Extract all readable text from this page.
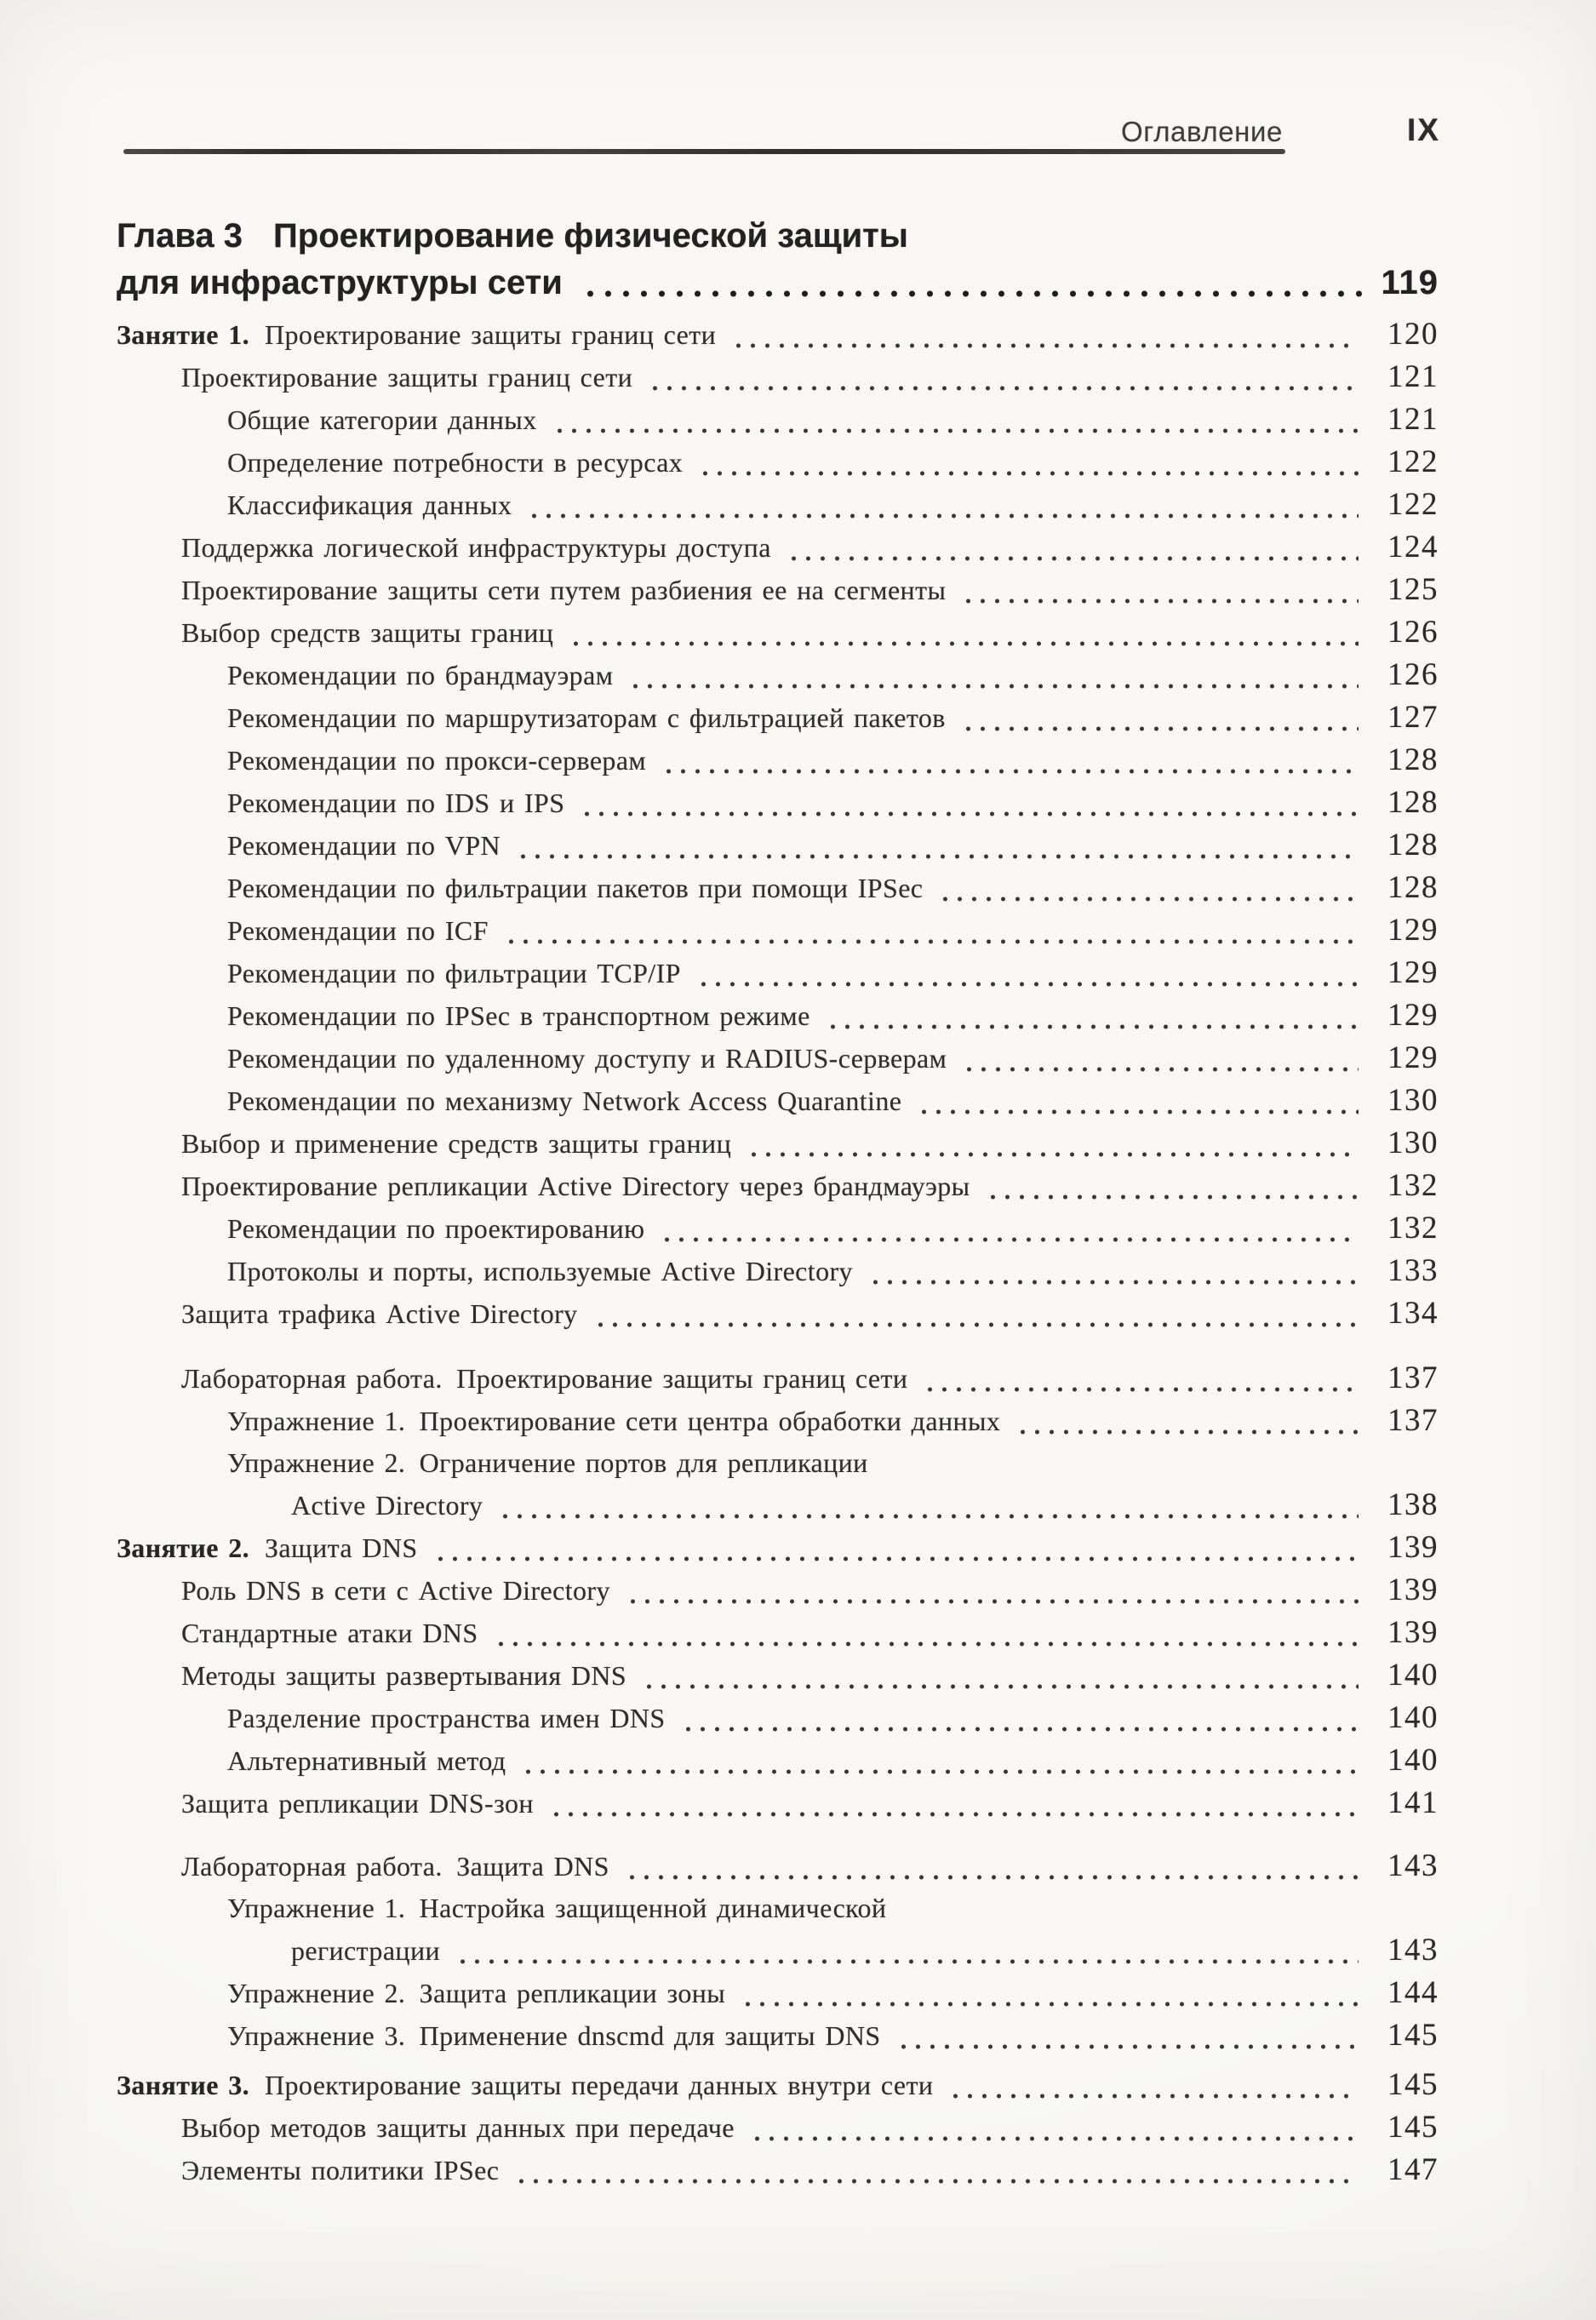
Оглавление	IX
Глава 3 Проектирование физической защиты
для инфраструктуры сети	119
Занятие 1. Проектирование защиты границ сети	120
Проектирование защиты границ сети	121
Общие категории данных	121
Определение потребности в ресурсах	122
Классификация данных	122
Поддержка логической инфраструктуры доступа	124
Проектирование защиты сети путем разбиения ее на сегменты	125
Выбор средств защиты границ	126
Рекомендации по брандмауэрам	126
Рекомендации по маршрутизаторам с фильтрацией пакетов	127
Рекомендации по прокси-серверам	128
Рекомендации по IDS и IPS	128
Рекомендации по VPN	128
Рекомендации по фильтрации пакетов при помощи IPSec	128
Рекомендации по ICF	129
Рекомендации по фильтрации TCP/IP	129
Рекомендации по IPSec в транспортном режиме	129
Рекомендации по удаленному доступу и RADIUS-серверам	129
Рекомендации по механизму Network Access Quarantine	130
Выбор и применение средств защиты границ	130
Проектирование репликации Active Directory через брандмауэры	132
Рекомендации по проектированию	132
Протоколы и порты, используемые Active Directory	133
Защита трафика Active Directory	134
Лабораторная работа. Проектирование защиты границ сети	137
Упражнение 1. Проектирование сети центра обработки данных	137
Упражнение 2. Ограничение портов для репликации
Active Directory	138
Занятие 2. Защита DNS	139
Роль DNS в сети с Active Directory	139
Стандартные атаки DNS	139
Методы защиты развертывания DNS	140
Разделение пространства имен DNS	140
Альтернативный метод	140
Защита репликации DNS-зон	141
Лабораторная работа. Защита DNS	143
Упражнение 1. Настройка защищенной динамической
регистрации	143
Упражнение 2. Защита репликации зоны	144
Упражнение 3. Применение dnscmd для защиты DNS	145
Занятие 3. Проектирование защиты передачи данных внутри сети	145
Выбор методов защиты данных при передаче	145
Элементы политики IPSec	147
